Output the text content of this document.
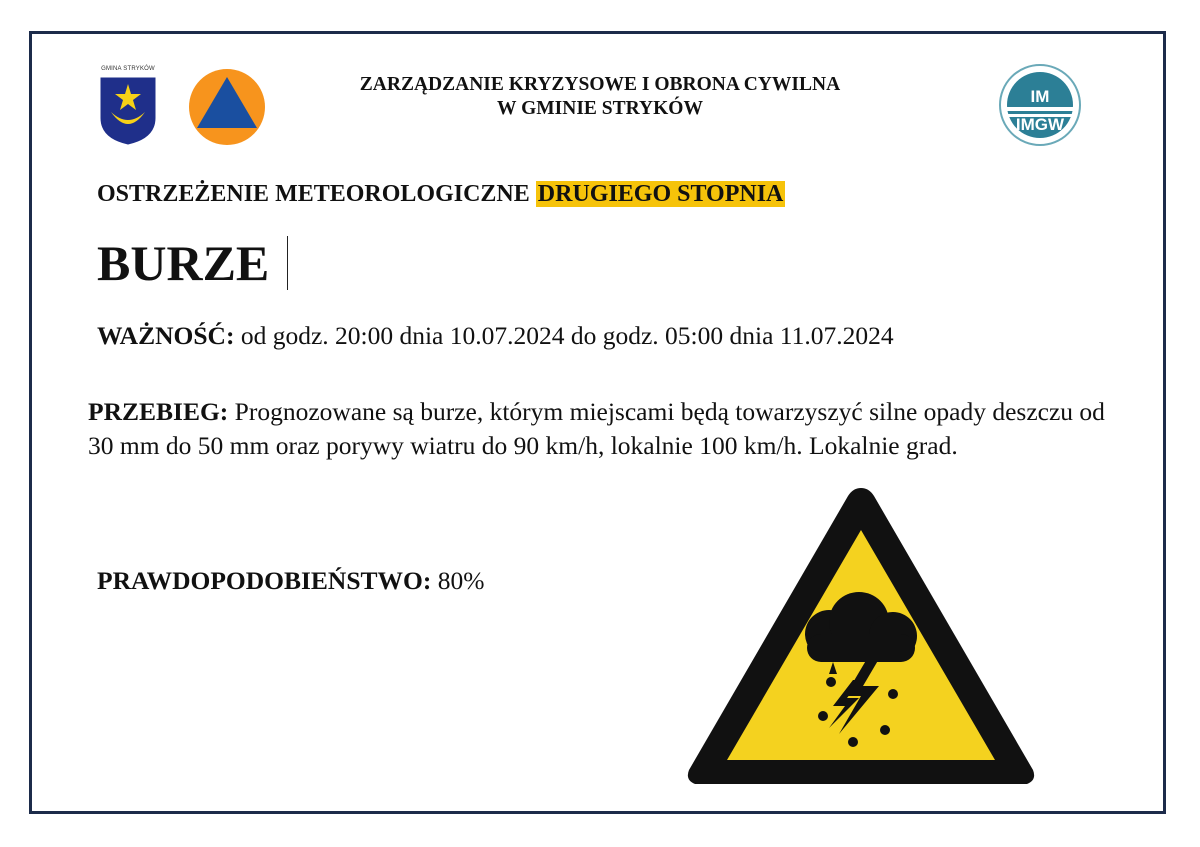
GMINA STRYKÓW
ZARZĄDZANIE KRYZYSOWE I OBRONA CYWILNA
W GMINIE STRYKÓW
IM
IMGW
OSTRZEŻENIE METEOROLOGICZNE DRUGIEGO STOPNIA
BURZE
WAŻNOŚĆ: od godz. 20:00 dnia 10.07.2024 do godz. 05:00 dnia 11.07.2024
PRZEBIEG: Prognozowane są burze, którym miejscami będą towarzyszyć silne opady deszczu od 30 mm do 50 mm oraz porywy wiatru do 90 km/h, lokalnie 100 km/h. Lokalnie grad.
PRAWDOPODOBIEŃSTWO: 80%
